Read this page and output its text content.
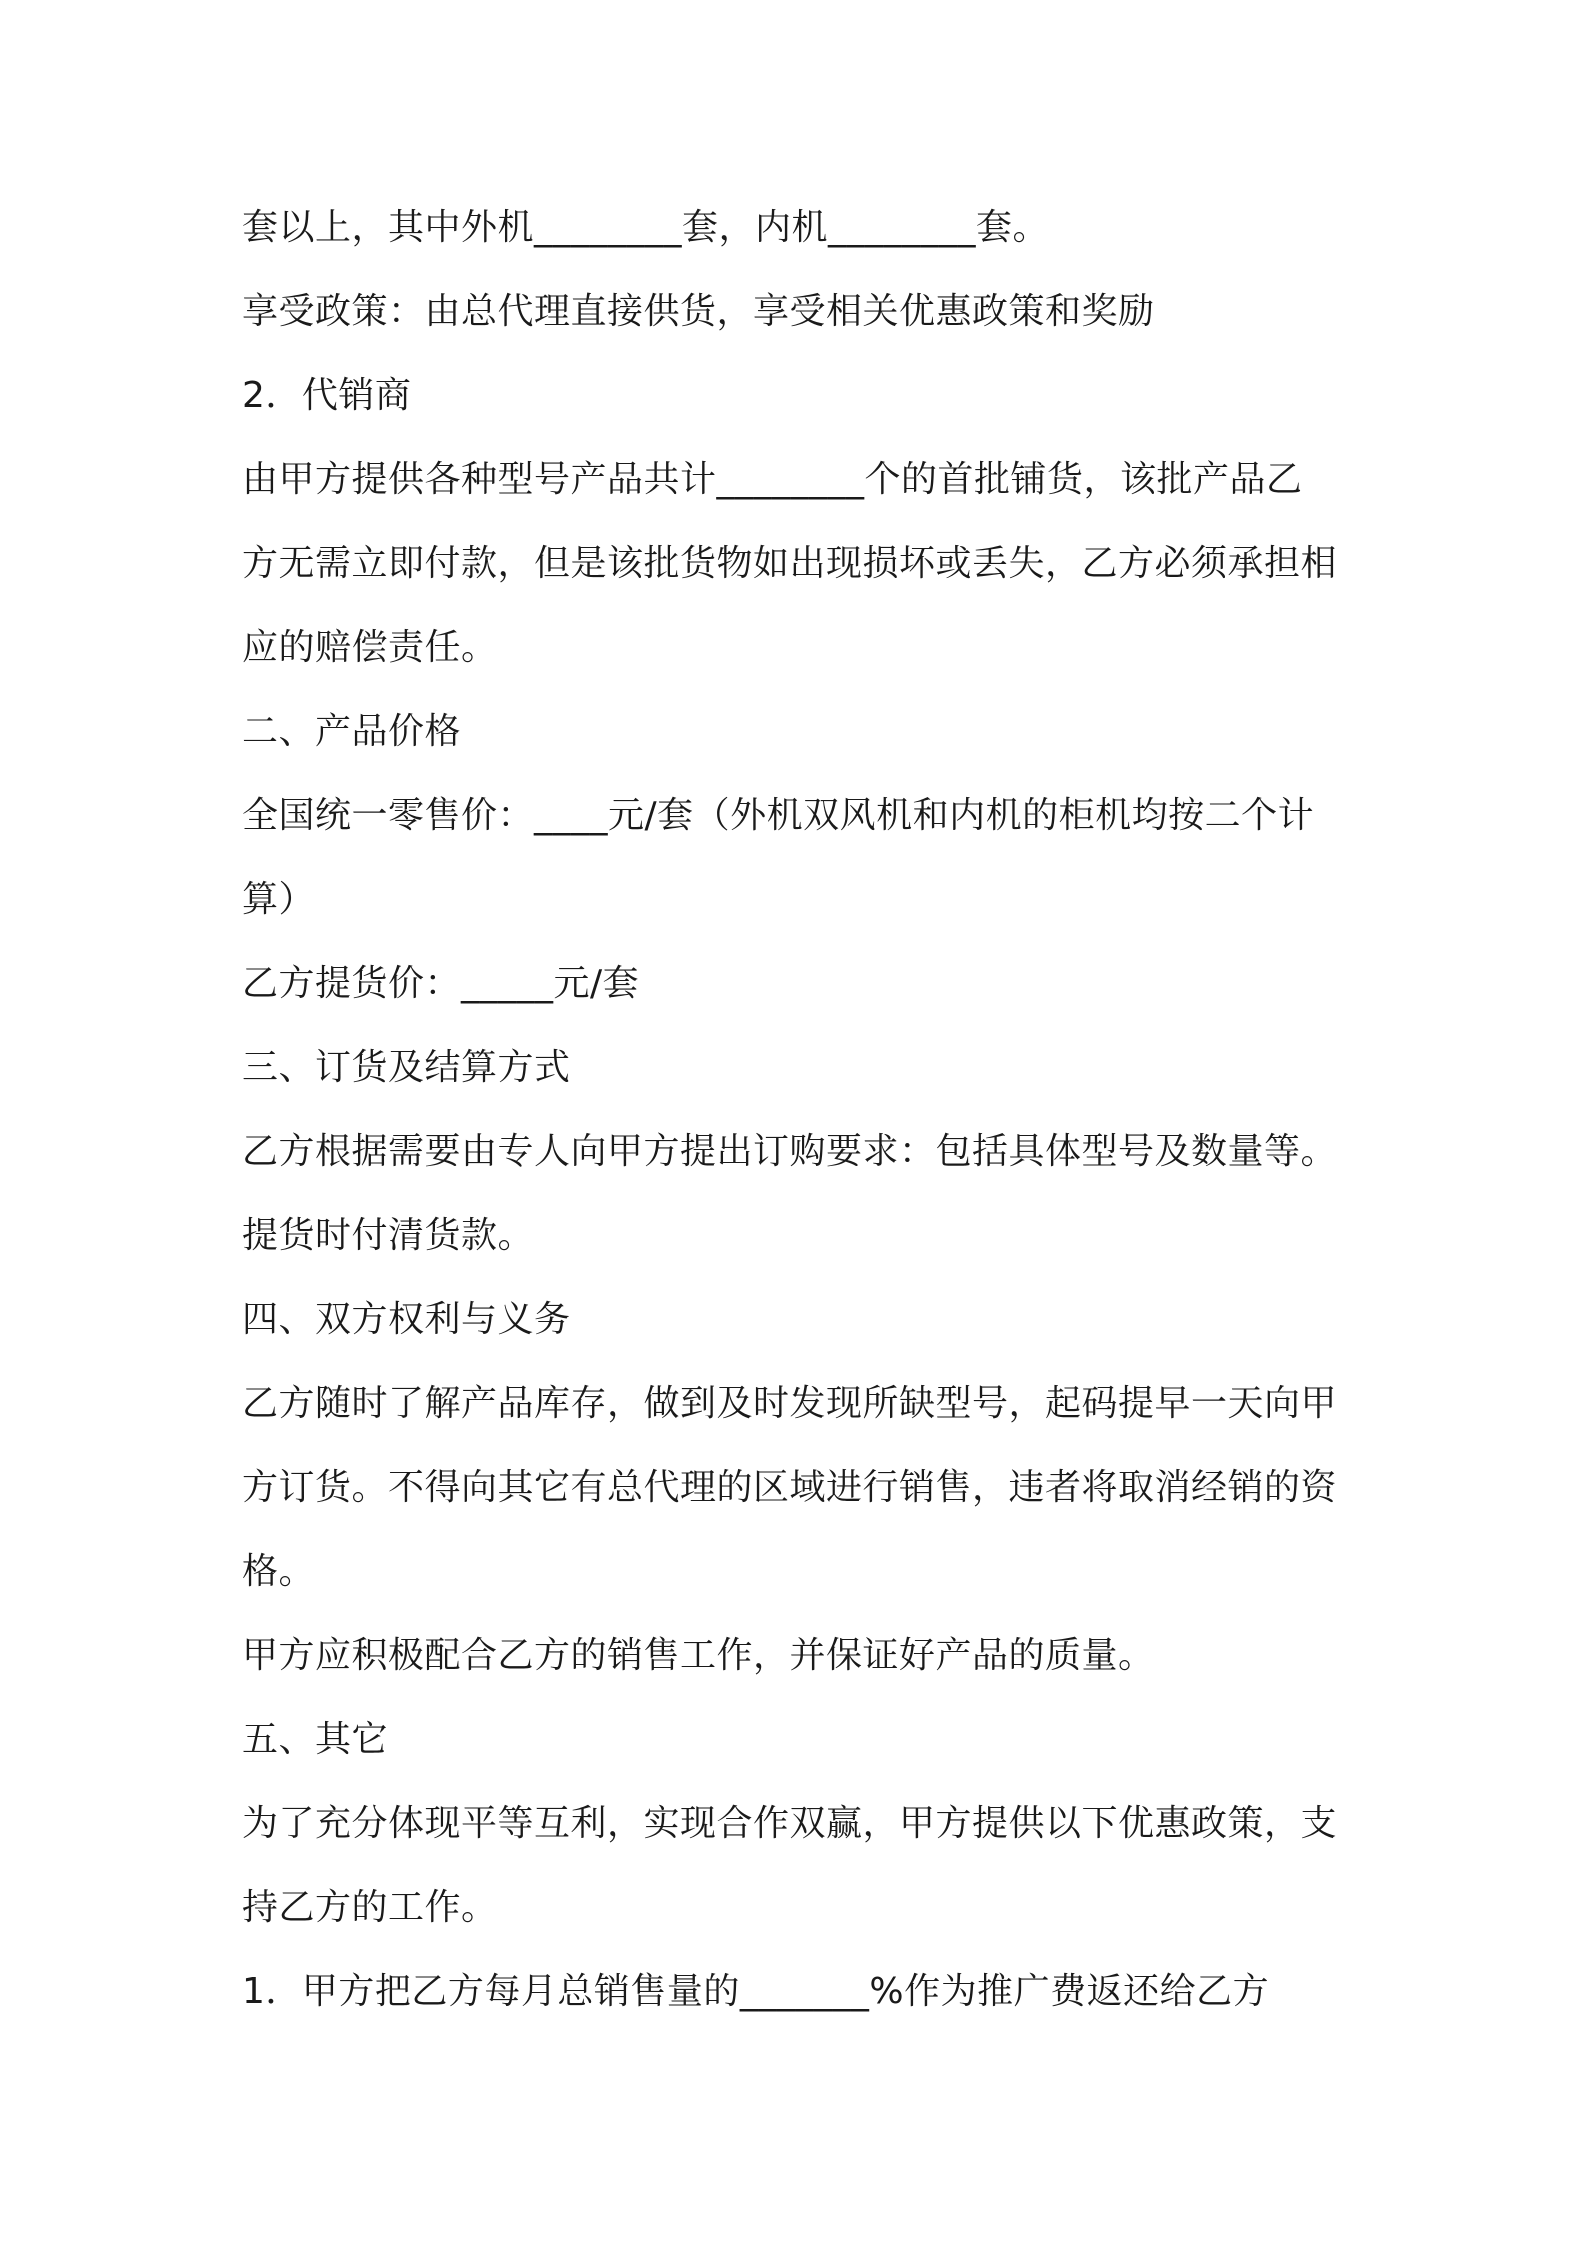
套以上，其中外机________套，内机________套。
享受政策：由总代理直接供货，享受相关优惠政策和奖励
2．代销商
由甲方提供各种型号产品共计________个的首批铺货，该批产品乙
方无需立即付款，但是该批货物如出现损坏或丢失，乙方必须承担相
应的赔偿责任。
二、产品价格
全国统一零售价：____元/套（外机双风机和内机的柜机均按二个计
算）
乙方提货价：_____元/套
三、订货及结算方式
乙方根据需要由专人向甲方提出订购要求：包括具体型号及数量等。
提货时付清货款。
四、双方权利与义务
乙方随时了解产品库存，做到及时发现所缺型号，起码提早一天向甲
方订货。不得向其它有总代理的区域进行销售，违者将取消经销的资
格。
甲方应积极配合乙方的销售工作，并保证好产品的质量。
五、其它
为了充分体现平等互利，实现合作双赢，甲方提供以下优惠政策，支
持乙方的工作。
1．甲方把乙方每月总销售量的_______%作为推广费返还给乙方
